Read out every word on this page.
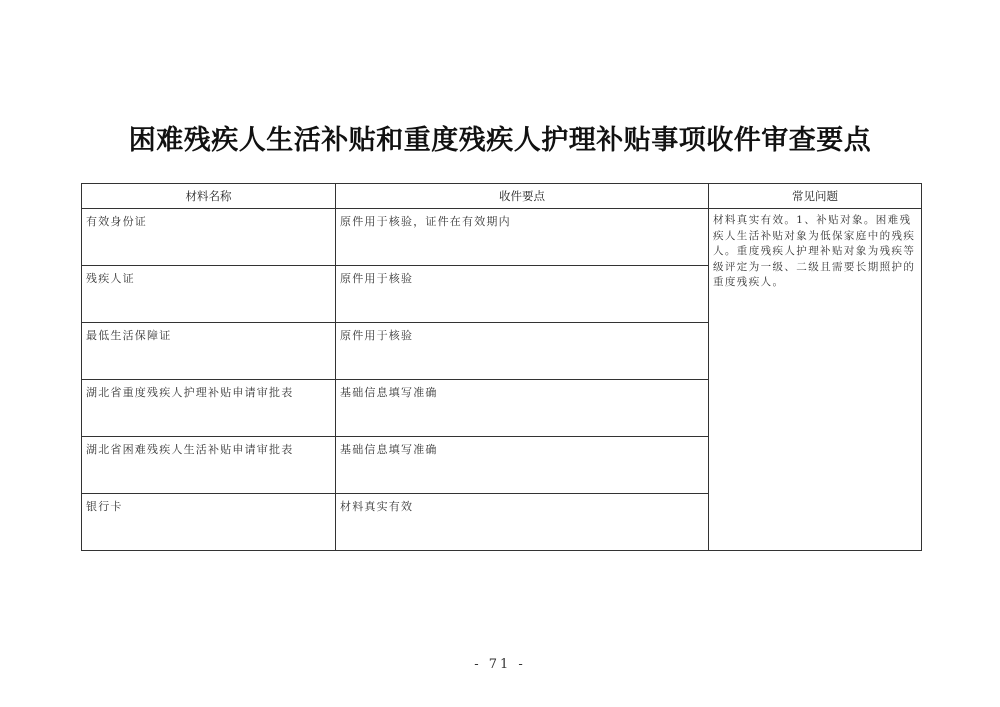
困难残疾人生活补贴和重度残疾人护理补贴事项收件审查要点
材料名称	收件要点	常见问题
有效身份证	原件用于核验，证件在有效期内	材料真实有效。1、补贴对象。困难残疾人生活补贴对象为低保家庭中的残疾人。重度残疾人护理补贴对象为残疾等级评定为一级、二级且需要长期照护的重度残疾人。
残疾人证	原件用于核验	
最低生活保障证	原件用于核验	
湖北省重度残疾人护理补贴申请审批表	基础信息填写准确	
湖北省困难残疾人生活补贴申请审批表	基础信息填写准确	
银行卡	材料真实有效	
- 71 -
